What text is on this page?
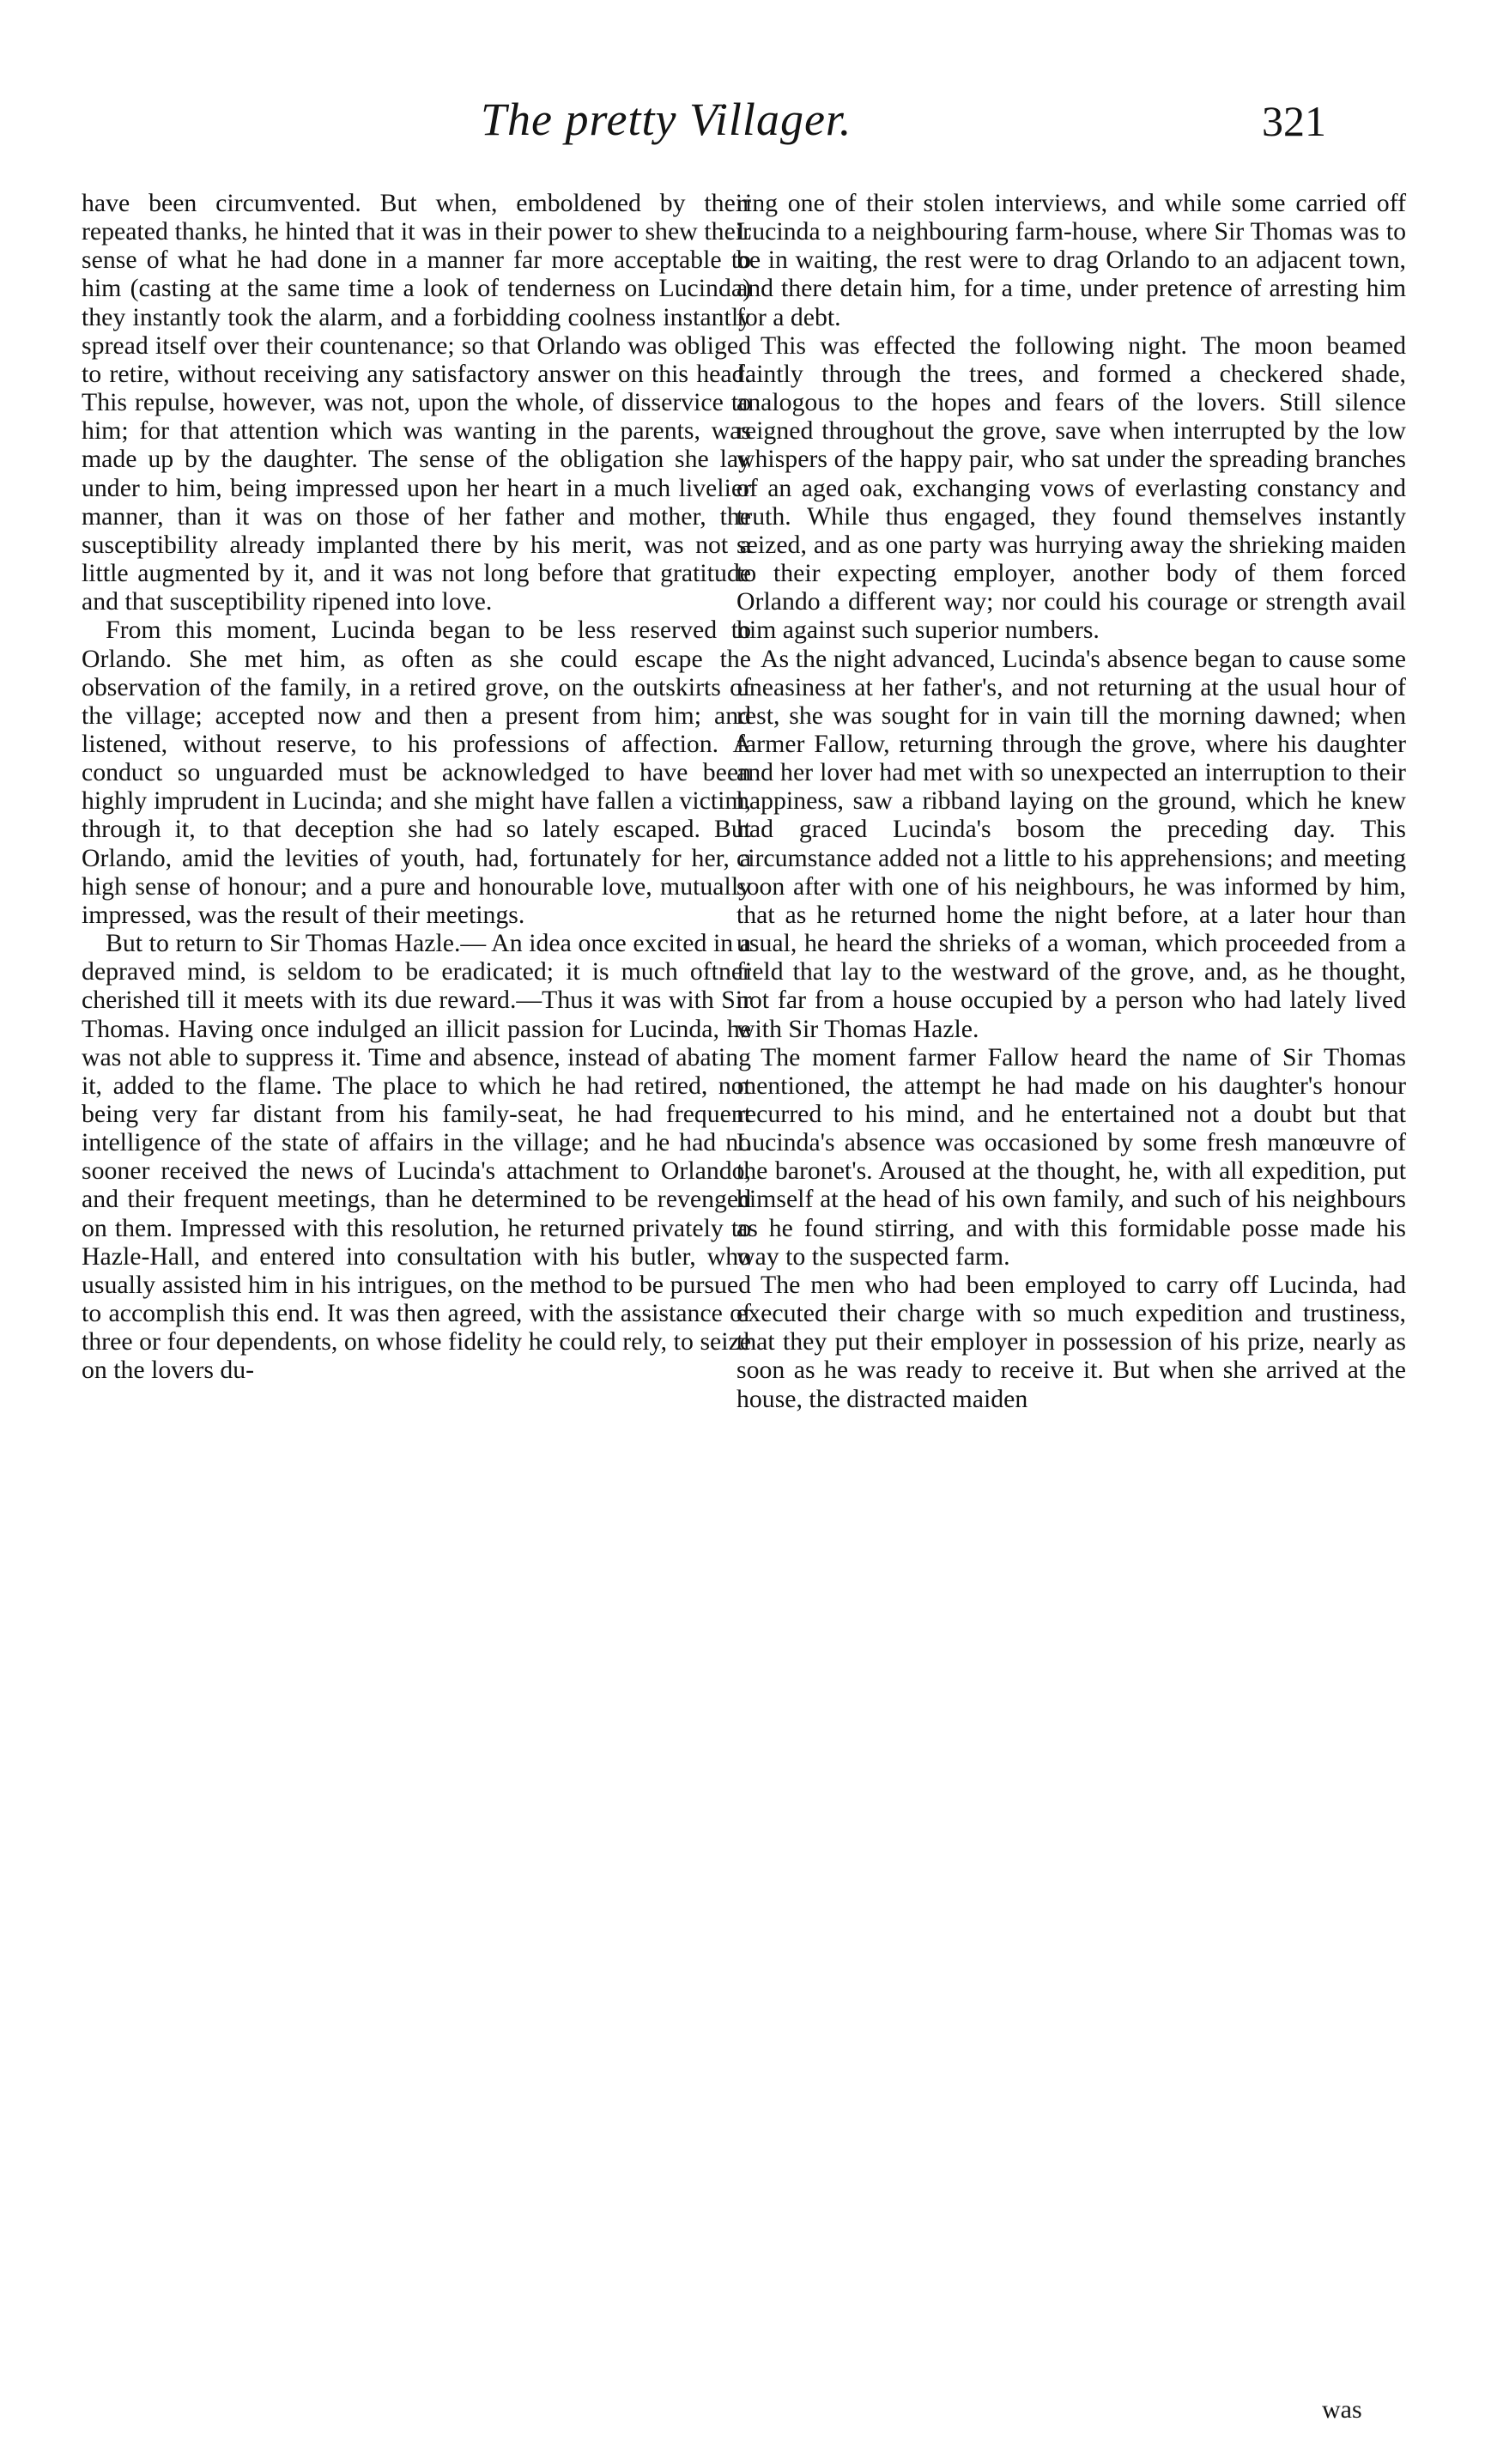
The pretty Villager.	321

have been circumvented. But when, emboldened by their repeated thanks, he hinted that it was in their power to shew their sense of what he had done in a manner far more acceptable to him (casting at the same time a look of tenderness on Lucinda) they instantly took the alarm, and a forbidding coolness instantly spread itself over their countenance; so that Orlando was obliged to retire, without receiving any satisfactory answer on this head. This repulse, however, was not, upon the whole, of disservice to him; for that attention which was wanting in the parents, was made up by the daughter. The sense of the obligation she lay under to him, being impressed upon her heart in a much livelier manner, than it was on those of her father and mother, the susceptibility already implanted there by his merit, was not a little augmented by it, and it was not long before that gratitude and that susceptibility ripened into love.

From this moment, Lucinda began to be less reserved to Orlando. She met him, as often as she could escape the observation of the family, in a retired grove, on the outskirts of the village; accepted now and then a present from him; and listened, without reserve, to his professions of affection. A conduct so unguarded must be acknowledged to have been highly imprudent in Lucinda; and she might have fallen a victim, through it, to that deception she had so lately escaped. But Orlando, amid the levities of youth, had, fortunately for her, a high sense of honour; and a pure and honourable love, mutually impressed, was the result of their meetings.

But to return to Sir Thomas Hazle.— An idea once excited in a depraved mind, is seldom to be eradicated; it is much oftner cherished till it meets with its due reward.—Thus it was with Sir Thomas. Having once indulged an illicit passion for Lucinda, he was not able to suppress it. Time and absence, instead of abating it, added to the flame. The place to which he had retired, not being very far distant from his family-seat, he had frequent intelligence of the state of affairs in the village; and he had no sooner received the news of Lucinda's attachment to Orlando, and their frequent meetings, than he determined to be revenged on them. Impressed with this resolution, he returned privately to Hazle-Hall, and entered into consultation with his butler, who usually assisted him in his intrigues, on the method to be pursued to accomplish this end. It was then agreed, with the assistance of three or four dependents, on whose fidelity he could rely, to seize on the lovers du-

ring one of their stolen interviews, and while some carried off Lucinda to a neighbouring farm-house, where Sir Thomas was to be in waiting, the rest were to drag Orlando to an adjacent town, and there detain him, for a time, under pretence of arresting him for a debt.

This was effected the following night. The moon beamed faintly through the trees, and formed a checkered shade, analogous to the hopes and fears of the lovers. Still silence reigned throughout the grove, save when interrupted by the low whispers of the happy pair, who sat under the spreading branches of an aged oak, exchanging vows of everlasting constancy and truth. While thus engaged, they found themselves instantly seized, and as one party was hurrying away the shrieking maiden to their expecting employer, another body of them forced Orlando a different way; nor could his courage or strength avail him against such superior numbers.

As the night advanced, Lucinda's absence began to cause some uneasiness at her father's, and not returning at the usual hour of rest, she was sought for in vain till the morning dawned; when farmer Fallow, returning through the grove, where his daughter and her lover had met with so unexpected an interruption to their happiness, saw a ribband laying on the ground, which he knew had graced Lucinda's bosom the preceding day. This circumstance added not a little to his apprehensions; and meeting soon after with one of his neighbours, he was informed by him, that as he returned home the night before, at a later hour than usual, he heard the shrieks of a woman, which proceeded from a field that lay to the westward of the grove, and, as he thought, not far from a house occupied by a person who had lately lived with Sir Thomas Hazle.

The moment farmer Fallow heard the name of Sir Thomas mentioned, the attempt he had made on his daughter's honour recurred to his mind, and he entertained not a doubt but that Lucinda's absence was occasioned by some fresh manœuvre of the baronet's. Aroused at the thought, he, with all expedition, put himself at the head of his own family, and such of his neighbours as he found stirring, and with this formidable posse made his way to the suspected farm.

The men who had been employed to carry off Lucinda, had executed their charge with so much expedition and trustiness, that they put their employer in possession of his prize, nearly as soon as he was ready to receive it. But when she arrived at the house, the distracted maiden

was
